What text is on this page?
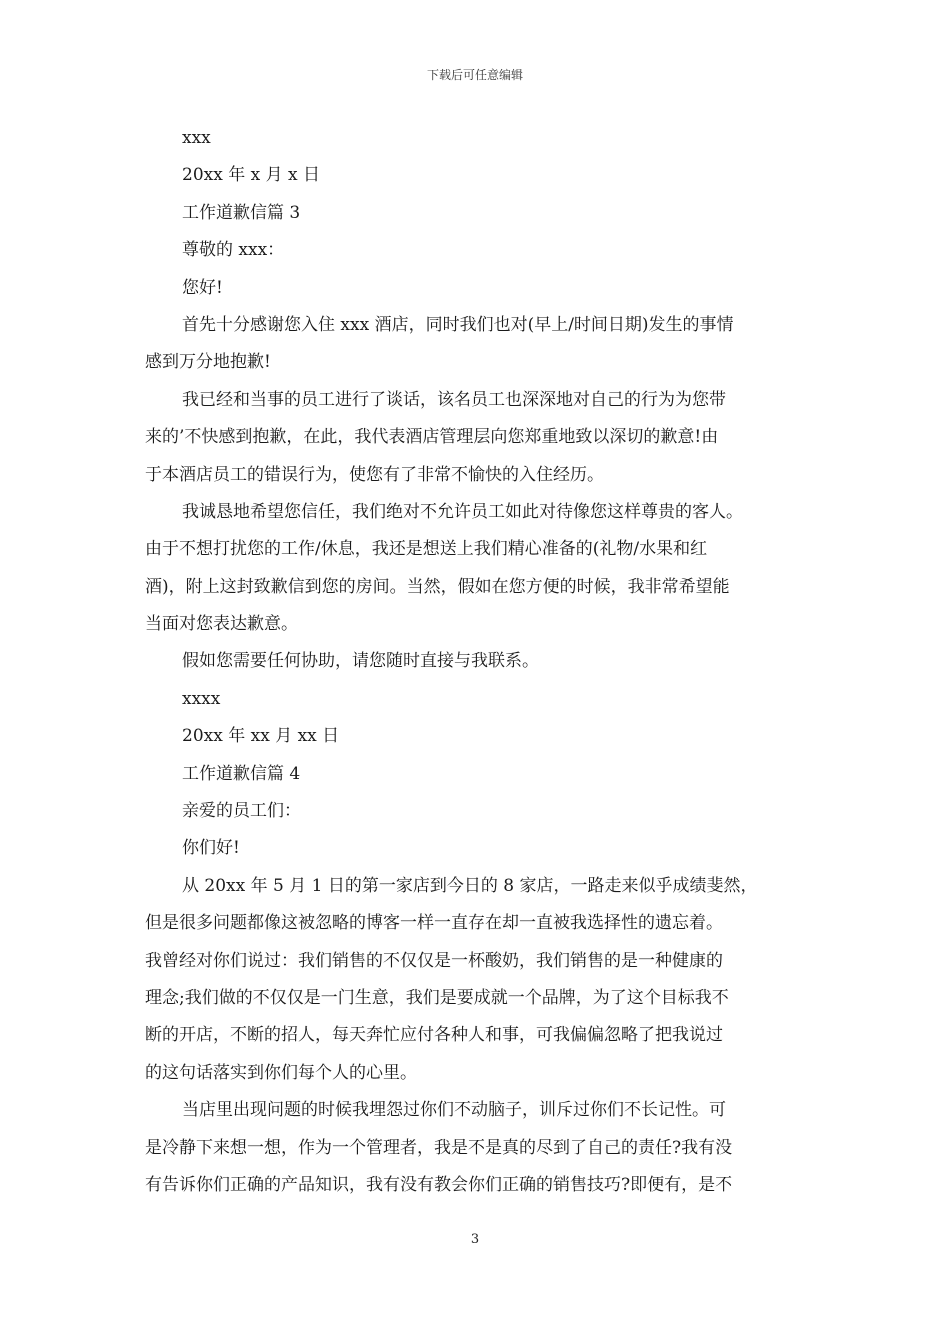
下载后可任意编辑
xxx
20xx 年 x 月 x 日
工作道歉信篇 3
尊敬的 xxx：
您好!
首先十分感谢您入住 xxx 酒店，同时我们也对(早上/时间日期)发生的事情
感到万分地抱歉!
我已经和当事的员工进行了谈话，该名员工也深深地对自己的行为为您带
来的’不快感到抱歉，在此，我代表酒店管理层向您郑重地致以深切的歉意!由
于本酒店员工的错误行为，使您有了非常不愉快的入住经历。
我诚恳地希望您信任，我们绝对不允许员工如此对待像您这样尊贵的客人。
由于不想打扰您的工作/休息，我还是想送上我们精心准备的(礼物/水果和红
酒)，附上这封致歉信到您的房间。当然，假如在您方便的时候，我非常希望能
当面对您表达歉意。
假如您需要任何协助，请您随时直接与我联系。
xxxx
20xx 年 xx 月 xx 日
工作道歉信篇 4
亲爱的员工们：
你们好!
从 20xx 年 5 月 1 日的第一家店到今日的 8 家店，一路走来似乎成绩斐然，
但是很多问题都像这被忽略的博客一样一直存在却一直被我选择性的遗忘着。
我曾经对你们说过：我们销售的不仅仅是一杯酸奶，我们销售的是一种健康的
理念;我们做的不仅仅是一门生意，我们是要成就一个品牌，为了这个目标我不
断的开店，不断的招人，每天奔忙应付各种人和事，可我偏偏忽略了把我说过
的这句话落实到你们每个人的心里。
当店里出现问题的时候我埋怨过你们不动脑子，训斥过你们不长记性。可
是冷静下来想一想，作为一个管理者，我是不是真的尽到了自己的责任?我有没
有告诉你们正确的产品知识，我有没有教会你们正确的销售技巧?即便有，是不
3
